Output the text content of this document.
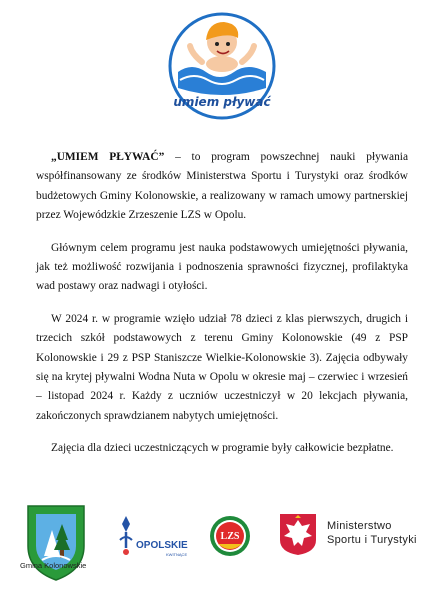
umiem pływać

„UMIEM PŁYWAĆ” – to program powszechnej nauki pływania współfinansowany ze środków Ministerstwa Sportu i Turystyki oraz środków budżetowych Gminy Kolonowskie, a realizowany w ramach umowy partnerskiej przez Wojewódzkie Zrzeszenie LZS w Opolu.

Głównym celem programu jest nauka podstawowych umiejętności pływania, jak też możliwość rozwijania i podnoszenia sprawności fizycznej, profilaktyka wad postawy oraz nadwagi i otyłości.

W 2024 r. w programie wzięło udział 78 dzieci z klas pierwszych, drugich i trzecich szkół podstawowych z terenu Gminy Kolonowskie (49 z PSP Kolonowskie i 29 z PSP Staniszcze Wielkie-Kolonowskie 3). Zajęcia odbywały się na krytej pływalni Wodna Nuta w Opolu w okresie maj – czerwiec i wrzesień – listopad 2024 r. Każdy z uczniów uczestniczył w 20 lekcjach pływania, zakończonych sprawdzianem nabytych umiejętności.

Zajęcia dla dzieci uczestniczących w programie były całkowicie bezpłatne.

OPOLSKIE
KWITNĄCE
LZS
Gmina Kolonowskie
Ministerstwo
Sportu i Turystyki
